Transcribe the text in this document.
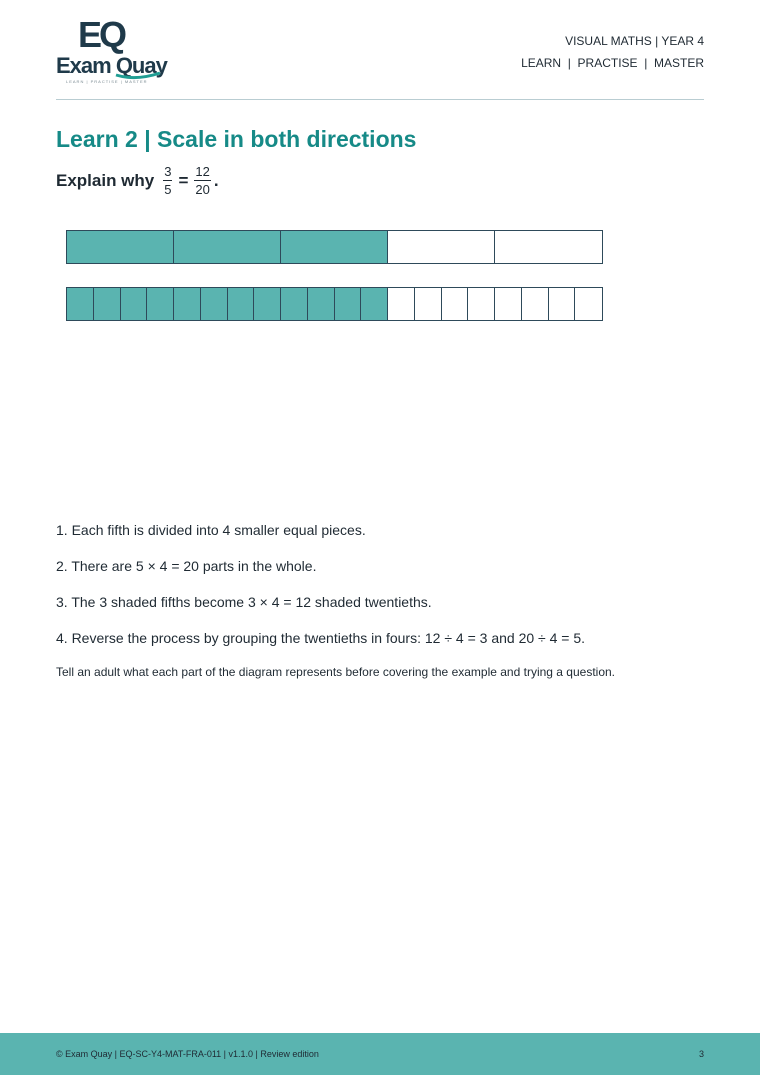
EQ
Exam Quay
LEARN | PRACTISE | MASTER
VISUAL MATHS | YEAR 4
LEARN  |  PRACTISE  |  MASTER
Learn 2 | Scale in both directions
Explain why $\frac{3}{5} = \frac{12}{20}$ .

1. Each fifth is divided into 4 smaller equal pieces.

2. There are 5 × 4 = 20 parts in the whole.

3. The 3 shaded fifths become 3 × 4 = 12 shaded twentieths.

4. Reverse the process by grouping the twentieths in fours: 12 ÷ 4 = 3 and 20 ÷ 4 = 5.

Tell an adult what each part of the diagram represents before covering the example and trying a question.
© Exam Quay | EQ-SC-Y4-MAT-FRA-011 | v1.1.0 | Review edition	3
